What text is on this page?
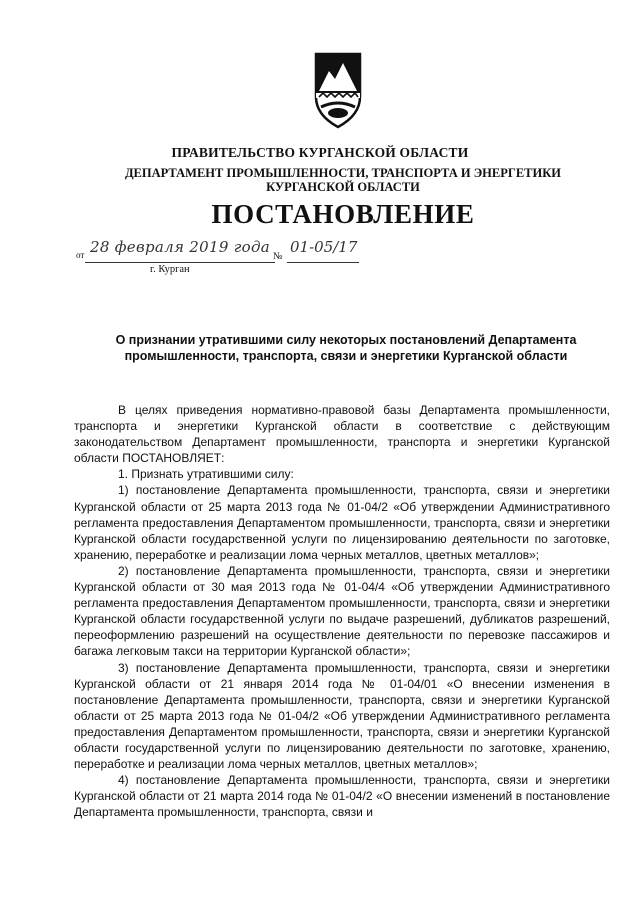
ПРАВИТЕЛЬСТВО КУРГАНСКОЙ ОБЛАСТИ
ДЕПАРТАМЕНТ ПРОМЫШЛЕННОСТИ, ТРАНСПОРТА И ЭНЕРГЕТИКИ
КУРГАНСКОЙ ОБЛАСТИ
ПОСТАНОВЛЕНИЕ
от 28 февраля 2019 года
№
01-05/17
г. Курган
О признании утратившими силу некоторых постановлений Департамента промышленности, транспорта, связи и энергетики Курганской области

В целях приведения нормативно-правовой базы Департамента промышленности, транспорта и энергетики Курганской области в соответствие с действующим законодательством Департамент промышленности, транспорта и энергетики Курганской области ПОСТАНОВЛЯЕТ:

1. Признать утратившими силу:

1) постановление Департамента промышленности, транспорта, связи и энергетики Курганской области от 25 марта 2013 года № 01-04/2 «Об утверждении Административного регламента предоставления Департаментом промышленности, транспорта, связи и энергетики Курганской области государственной услуги по лицензированию деятельности по заготовке, хранению, переработке и реализации лома черных металлов, цветных металлов»;

2) постановление Департамента промышленности, транспорта, связи и энергетики Курганской области от 30 мая 2013 года № 01-04/4 «Об утверждении Административного регламента предоставления Департаментом промышленности, транспорта, связи и энергетики Курганской области государственной услуги по выдаче разрешений, дубликатов разрешений, переоформлению разрешений на осуществление деятельности по перевозке пассажиров и багажа легковым такси на территории Курганской области»;

3) постановление Департамента промышленности, транспорта, связи и энергетики Курганской области от 21 января 2014 года № 01-04/01 «О внесении изменения в постановление Департамента промышленности, транспорта, связи и энергетики Курганской области от 25 марта 2013 года № 01-04/2 «Об утверждении Административного регламента предоставления Департаментом промышленности, транспорта, связи и энергетики Курганской области государственной услуги по лицензированию деятельности по заготовке, хранению, переработке и реализации лома черных металлов, цветных металлов»;

4) постановление Департамента промышленности, транспорта, связи и энергетики Курганской области от 21 марта 2014 года № 01-04/2 «О внесении изменений в постановление Департамента промышленности, транспорта, связи и
